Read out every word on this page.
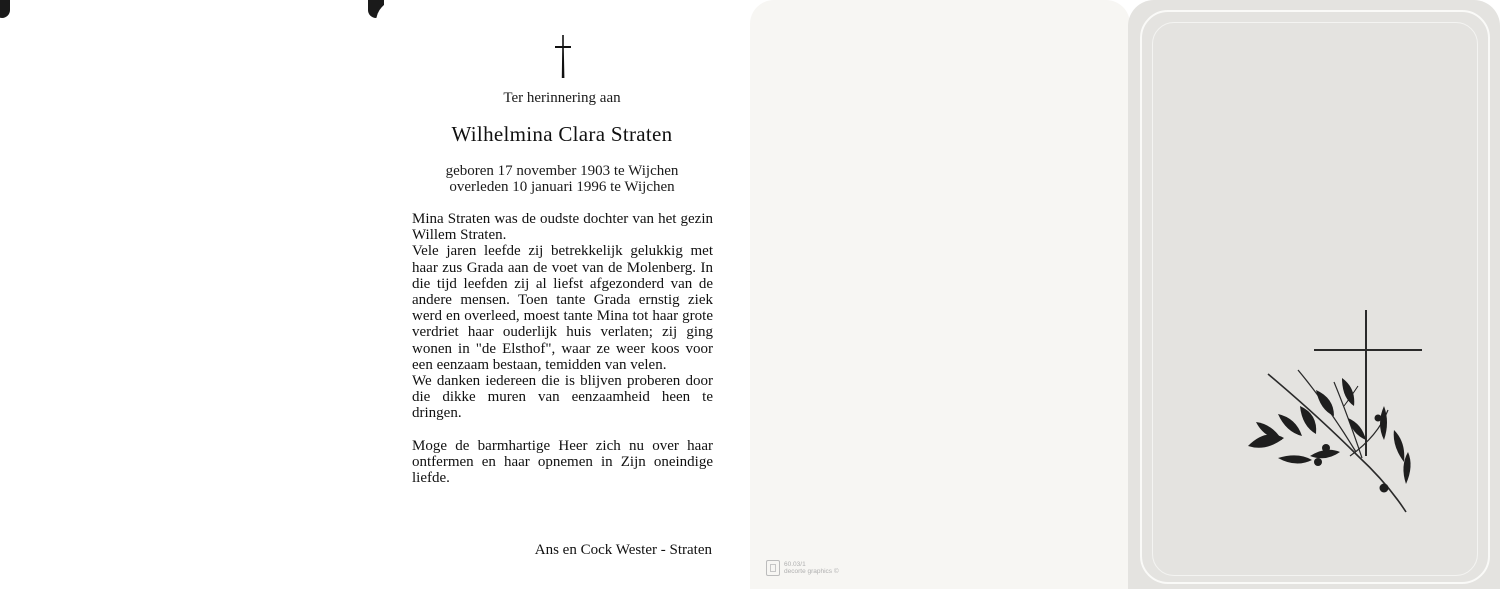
Ter herinnering aan
Wilhelmina Clara Straten
geboren 17 november 1903 te Wijchen
overleden 10 januari 1996 te Wijchen

Mina Straten was de oudste dochter van het gezin Willem Straten.

Vele jaren leefde zij betrekkelijk gelukkig met haar zus Grada aan de voet van de Molenberg. In die tijd leefden zij al liefst afgezonderd van de andere mensen. Toen tante Grada ernstig ziek werd en overleed, moest tante Mina tot haar grote verdriet haar ouderlijk huis verlaten; zij ging wonen in "de Elsthof", waar ze weer koos voor een eenzaam bestaan, temidden van velen.

We danken iedereen die is blijven proberen door die dikke muren van eenzaamheid heen te dringen.

Moge de barmhartige Heer zich nu over haar ontfermen en haar opnemen in Zijn oneindige liefde.

Ans en Cock Wester - Straten
60.03/1
decorte graphics ©
